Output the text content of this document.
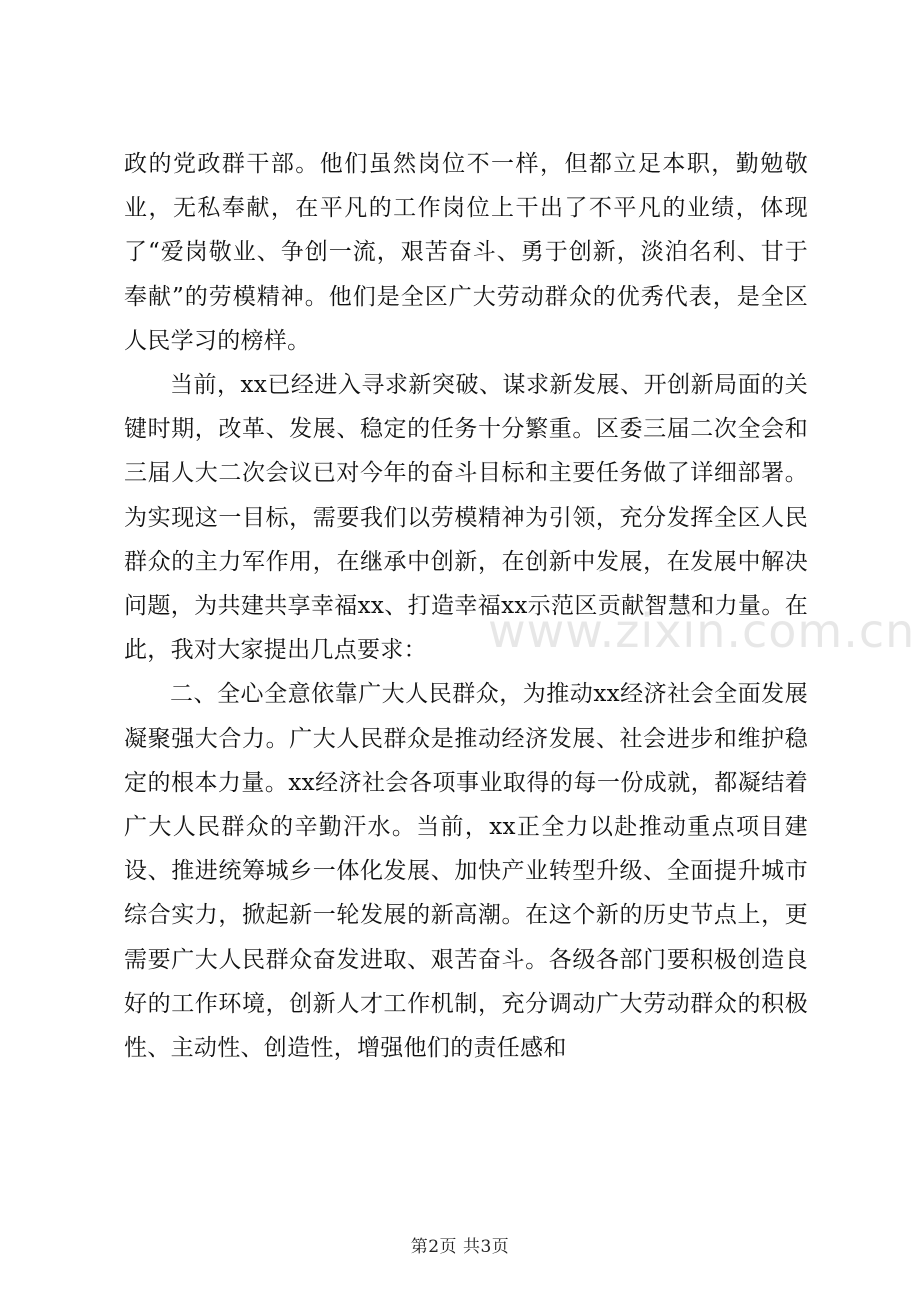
政的党政群干部。他们虽然岗位不一样，但都立足本职，勤勉敬业，无私奉献，在平凡的工作岗位上干出了不平凡的业绩，体现了“爱岗敬业、争创一流，艰苦奋斗、勇于创新，淡泊名利、甘于奉献”的劳模精神。他们是全区广大劳动群众的优秀代表，是全区人民学习的榜样。

当前，xx已经进入寻求新突破、谋求新发展、开创新局面的关键时期，改革、发展、稳定的任务十分繁重。区委三届二次全会和三届人大二次会议已对今年的奋斗目标和主要任务做了详细部署。为实现这一目标，需要我们以劳模精神为引领，充分发挥全区人民群众的主力军作用，在继承中创新，在创新中发展，在发展中解决问题，为共建共享幸福xx、打造幸福xx示范区贡献智慧和力量。在此，我对大家提出几点要求：

二、全心全意依靠广大人民群众，为推动xx经济社会全面发展凝聚强大合力。广大人民群众是推动经济发展、社会进步和维护稳定的根本力量。xx经济社会各项事业取得的每一份成就，都凝结着广大人民群众的辛勤汗水。当前，xx正全力以赴推动重点项目建设、推进统筹城乡一体化发展、加快产业转型升级、全面提升城市综合实力，掀起新一轮发展的新高潮。在这个新的历史节点上，更需要广大人民群众奋发进取、艰苦奋斗。各级各部门要积极创造良好的工作环境，创新人才工作机制，充分调动广大劳动群众的积极性、主动性、创造性，增强他们的责任感和

www.zixin.com.cn
第2页 共3页
